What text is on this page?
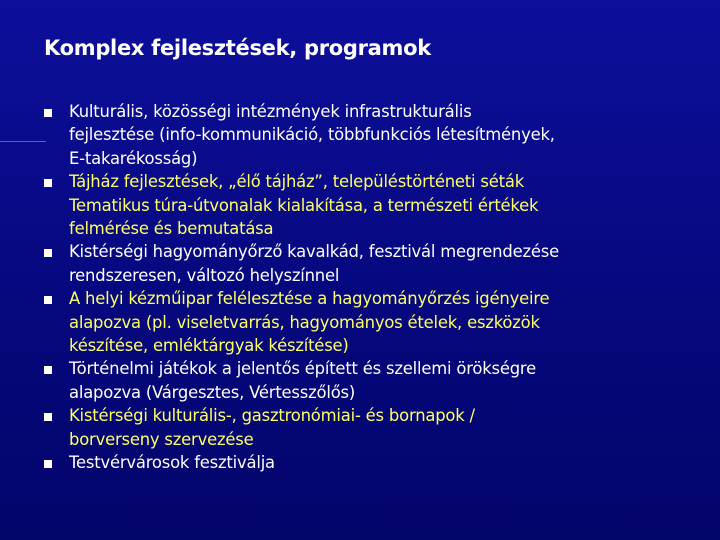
Komplex fejlesztések, programok
Kulturális, közösségi intézmények infrastrukturális
fejlesztése (info-kommunikáció, többfunkciós létesítmények,
E-takarékosság)
Tájház fejlesztések, „élő tájház”, településtörténeti séták
Tematikus túra-útvonalak kialakítása, a természeti értékek
felmérése és bemutatása
Kistérségi hagyományőrző kavalkád, fesztivál megrendezése
rendszeresen, változó helyszínnel
A helyi kézműipar felélesztése a hagyományőrzés igényeire
alapozva (pl. viseletvarrás, hagyományos ételek, eszközök
készítése, emléktárgyak készítése)
Történelmi játékok a jelentős épített és szellemi örökségre
alapozva (Várgesztes, Vértesszőlős)
Kistérségi kulturális-, gasztronómiai- és bornapok /
borverseny szervezése
Testvérvárosok fesztiválja
